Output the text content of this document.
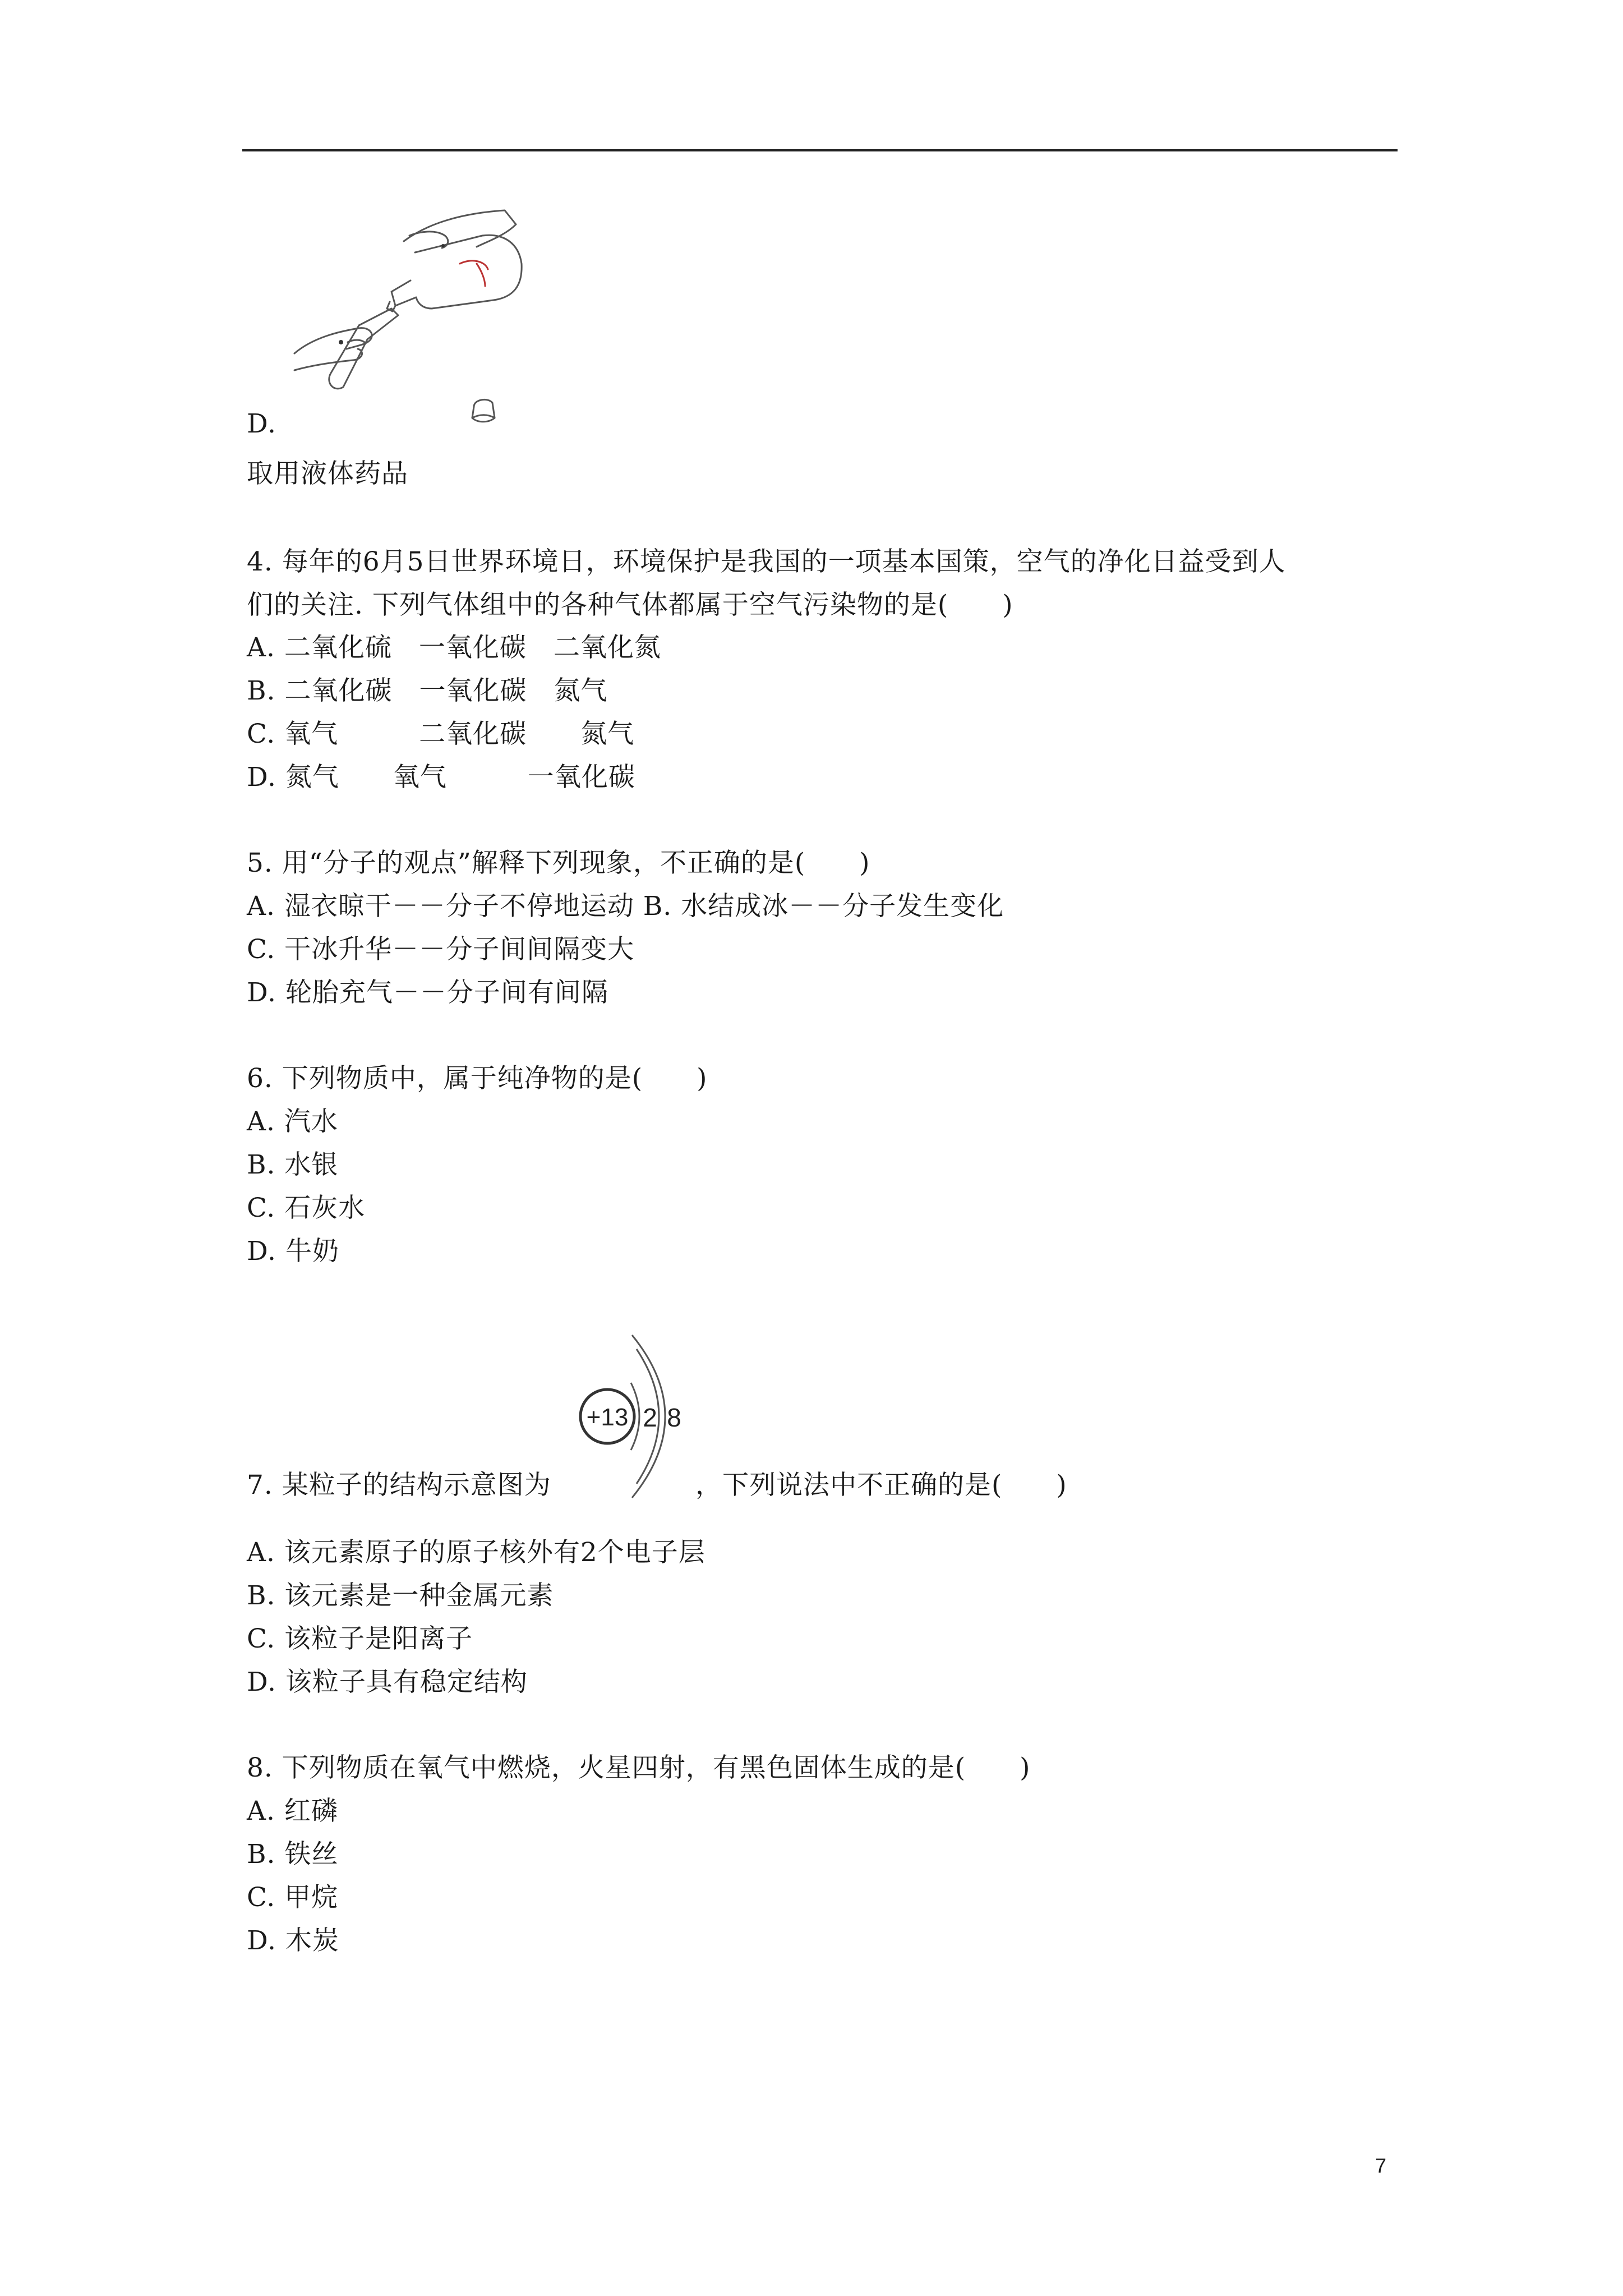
D.
取用液体药品
4. 每年的6月5日世界环境日，环境保护是我国的一项基本国策，空气的净化日益受到人
们的关注. 下列气体组中的各种气体都属于空气污染物的是(　　)
A. 二氧化硫　一氧化碳　二氧化氮
B. 二氧化碳　一氧化碳　氮气
C. 氧气　　　二氧化碳　　氮气
D. 氮气　　氧气　　　一氧化碳
5. 用“分子的观点”解释下列现象，不正确的是(　　)
A. 湿衣晾干－－分子不停地运动 B. 水结成冰－－分子发生变化
C. 干冰升华－－分子间间隔变大
D. 轮胎充气－－分子间有间隔
6. 下列物质中，属于纯净物的是(　　)
A. 汽水
B. 水银
C. 石灰水
D. 牛奶
+13 2 8
7. 某粒子的结构示意图为	，下列说法中不正确的是(　　)
A. 该元素原子的原子核外有2个电子层
B. 该元素是一种金属元素
C. 该粒子是阳离子
D. 该粒子具有稳定结构
8. 下列物质在氧气中燃烧，火星四射，有黑色固体生成的是(　　)
A. 红磷
B. 铁丝
C. 甲烷
D. 木炭
7
